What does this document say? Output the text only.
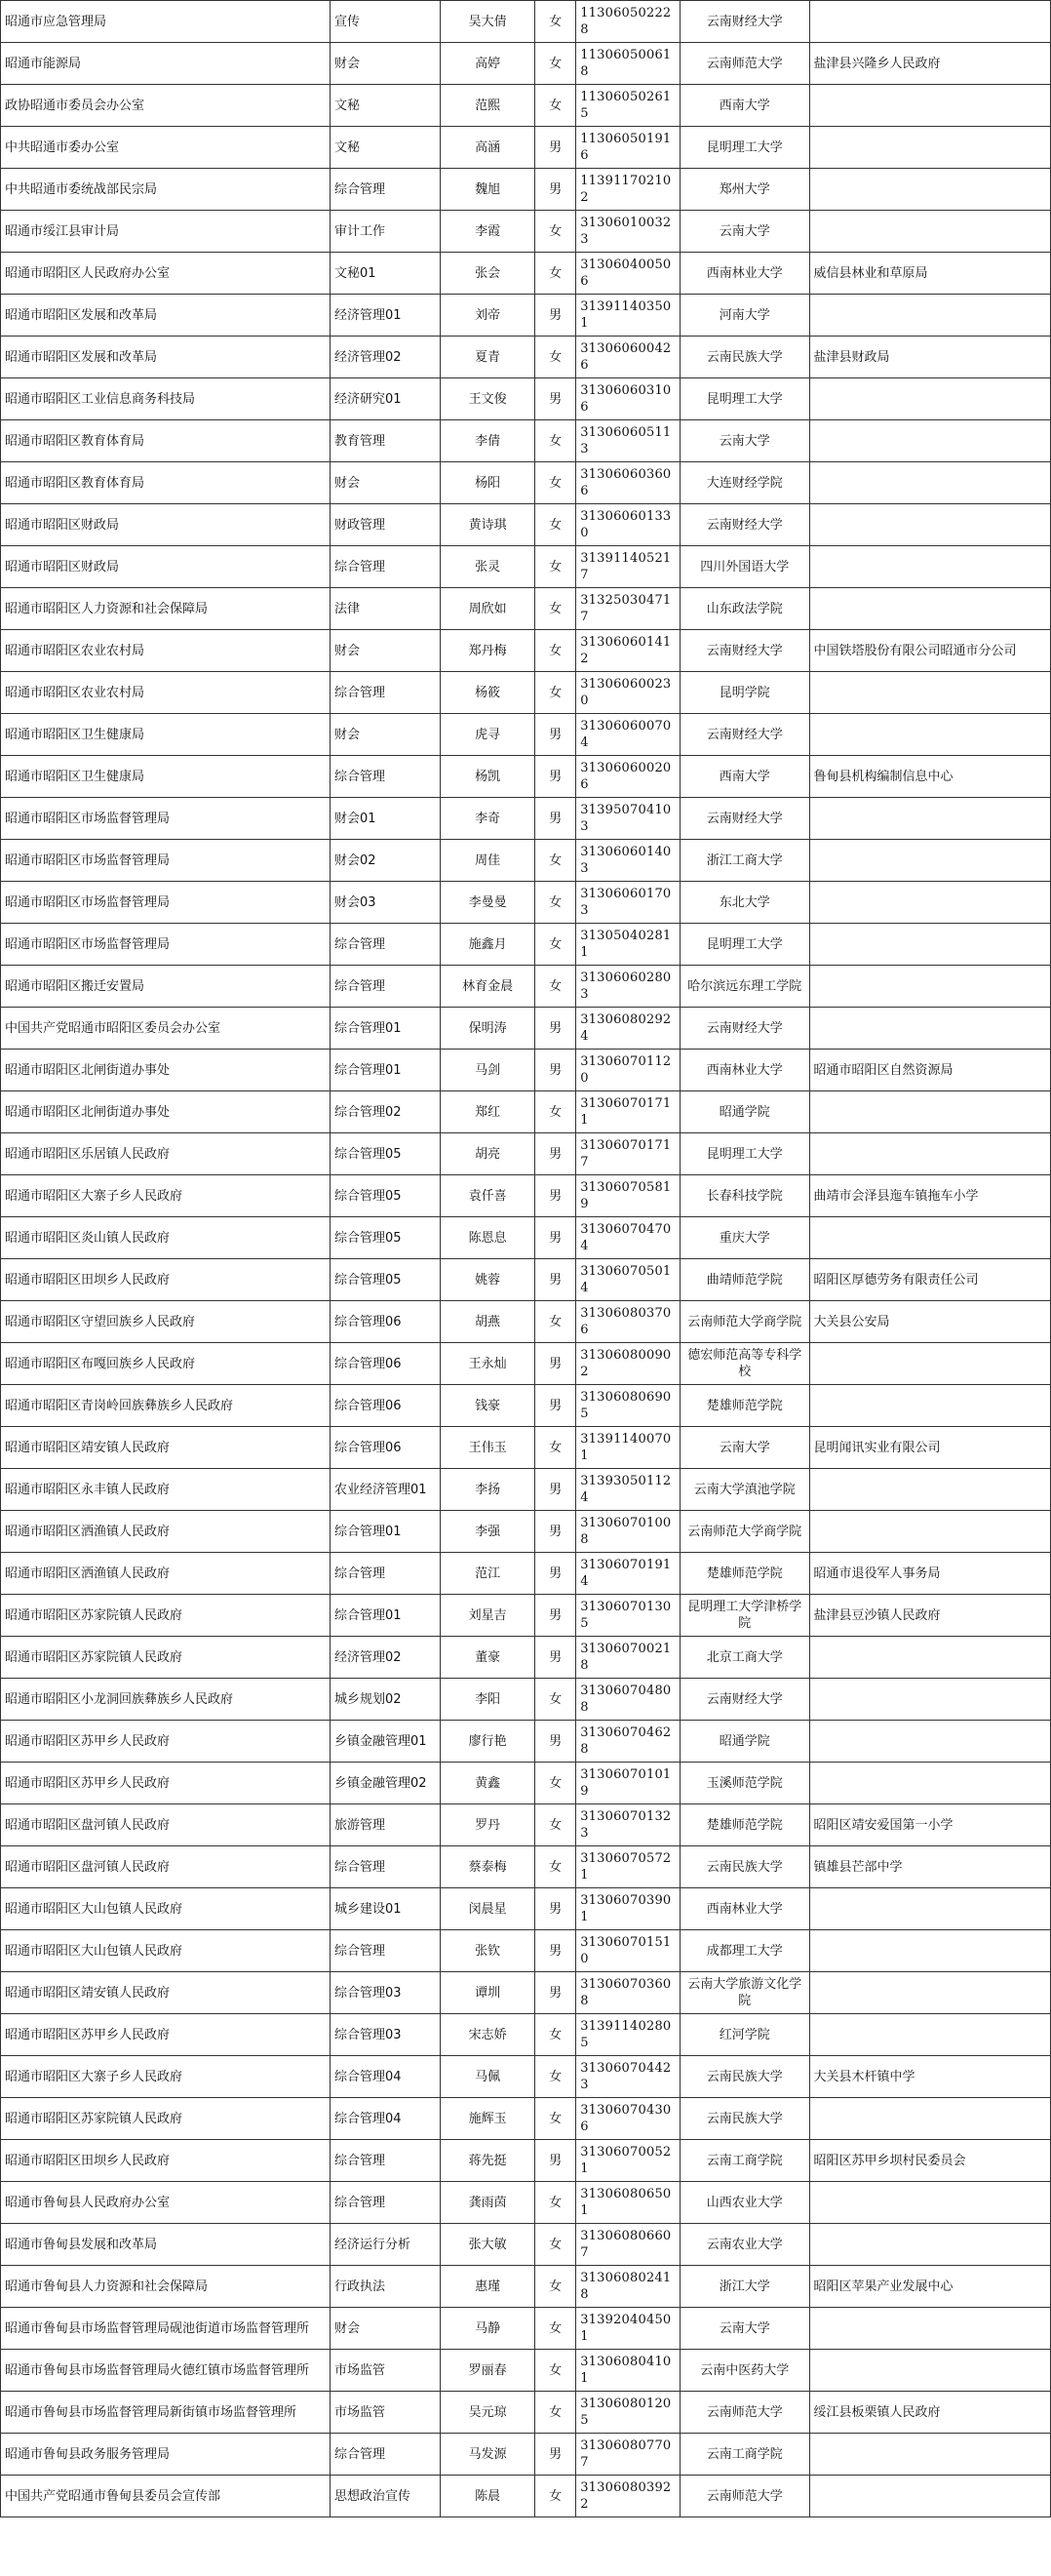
昭通市应急管理局	宣传	吴大倩	女	113060502228	云南财经大学	
昭通市能源局	财会	高婷	女	113060500618	云南师范大学	盐津县兴隆乡人民政府
政协昭通市委员会办公室	文秘	范熙	女	113060502615	西南大学	
中共昭通市委办公室	文秘	高涵	男	113060501916	昆明理工大学	
中共昭通市委统战部民宗局	综合管理	魏旭	男	113911702102	郑州大学	
昭通市绥江县审计局	审计工作	李霞	女	313060100323	云南大学	
昭通市昭阳区人民政府办公室	文秘01	张会	女	313060400506	西南林业大学	威信县林业和草原局
昭通市昭阳区发展和改革局	经济管理01	刘帝	男	313911403501	河南大学	
昭通市昭阳区发展和改革局	经济管理02	夏青	女	313060600426	云南民族大学	盐津县财政局
昭通市昭阳区工业信息商务科技局	经济研究01	王文俊	男	313060603106	昆明理工大学	
昭通市昭阳区教育体育局	教育管理	李倩	女	313060605113	云南大学	
昭通市昭阳区教育体育局	财会	杨阳	女	313060603606	大连财经学院	
昭通市昭阳区财政局	财政管理	黄诗琪	女	313060601330	云南财经大学	
昭通市昭阳区财政局	综合管理	张灵	女	313911405217	四川外国语大学	
昭通市昭阳区人力资源和社会保障局	法律	周欣如	女	313250304717	山东政法学院	
昭通市昭阳区农业农村局	财会	郑丹梅	女	313060601412	云南财经大学	中国铁塔股份有限公司昭通市分公司
昭通市昭阳区农业农村局	综合管理	杨筱	女	313060600230	昆明学院	
昭通市昭阳区卫生健康局	财会	虎寻	男	313060600704	云南财经大学	
昭通市昭阳区卫生健康局	综合管理	杨凯	男	313060600206	西南大学	鲁甸县机构编制信息中心
昭通市昭阳区市场监督管理局	财会01	李奇	男	313950704103	云南财经大学	
昭通市昭阳区市场监督管理局	财会02	周佳	女	313060601403	浙江工商大学	
昭通市昭阳区市场监督管理局	财会03	李曼曼	女	313060601703	东北大学	
昭通市昭阳区市场监督管理局	综合管理	施鑫月	女	313050402811	昆明理工大学	
昭通市昭阳区搬迁安置局	综合管理	林育金晨	女	313060602803	哈尔滨远东理工学院	
中国共产党昭通市昭阳区委员会办公室	综合管理01	保明涛	男	313060802924	云南财经大学	
昭通市昭阳区北闸街道办事处	综合管理01	马剑	男	313060701120	西南林业大学	昭通市昭阳区自然资源局
昭通市昭阳区北闸街道办事处	综合管理02	郑红	女	313060701711	昭通学院	
昭通市昭阳区乐居镇人民政府	综合管理05	胡亮	男	313060701717	昆明理工大学	
昭通市昭阳区大寨子乡人民政府	综合管理05	袁仟喜	男	313060705819	长春科技学院	曲靖市会泽县迤车镇拖车小学
昭通市昭阳区炎山镇人民政府	综合管理05	陈恩息	男	313060704704	重庆大学	
昭通市昭阳区田坝乡人民政府	综合管理05	姚蓉	男	313060705014	曲靖师范学院	昭阳区厚德劳务有限责任公司
昭通市昭阳区守望回族乡人民政府	综合管理06	胡燕	女	313060803706	云南师范大学商学院	大关县公安局
昭通市昭阳区布嘎回族乡人民政府	综合管理06	王永灿	男	313060800902	德宏师范高等专科学校	
昭通市昭阳区青岗岭回族彝族乡人民政府	综合管理06	钱豪	男	313060806905	楚雄师范学院	
昭通市昭阳区靖安镇人民政府	综合管理06	王伟玉	女	313911400701	云南大学	昆明闻讯实业有限公司
昭通市昭阳区永丰镇人民政府	农业经济管理01	李扬	男	313930501124	云南大学滇池学院	
昭通市昭阳区洒渔镇人民政府	综合管理01	李强	男	313060701008	云南师范大学商学院	
昭通市昭阳区洒渔镇人民政府	综合管理	范江	男	313060701914	楚雄师范学院	昭通市退役军人事务局
昭通市昭阳区苏家院镇人民政府	综合管理01	刘星吉	男	313060701305	昆明理工大学津桥学院	盐津县豆沙镇人民政府
昭通市昭阳区苏家院镇人民政府	经济管理02	董豪	男	313060700218	北京工商大学	
昭通市昭阳区小龙洞回族彝族乡人民政府	城乡规划02	李阳	女	313060704808	云南财经大学	
昭通市昭阳区苏甲乡人民政府	乡镇金融管理01	廖行艳	男	313060704628	昭通学院	
昭通市昭阳区苏甲乡人民政府	乡镇金融管理02	黄鑫	女	313060701019	玉溪师范学院	
昭通市昭阳区盘河镇人民政府	旅游管理	罗丹	女	313060701323	楚雄师范学院	昭阳区靖安爱国第一小学
昭通市昭阳区盘河镇人民政府	综合管理	蔡泰梅	女	313060705721	云南民族大学	镇雄县芒部中学
昭通市昭阳区大山包镇人民政府	城乡建设01	闵晨星	男	313060703901	西南林业大学	
昭通市昭阳区大山包镇人民政府	综合管理	张钦	男	313060701510	成都理工大学	
昭通市昭阳区靖安镇人民政府	综合管理03	谭圳	男	313060703608	云南大学旅游文化学院	
昭通市昭阳区苏甲乡人民政府	综合管理03	宋志娇	女	313911402805	红河学院	
昭通市昭阳区大寨子乡人民政府	综合管理04	马佩	女	313060704423	云南民族大学	大关县木杆镇中学
昭通市昭阳区苏家院镇人民政府	综合管理04	施辉玉	女	313060704306	云南民族大学	
昭通市昭阳区田坝乡人民政府	综合管理	蒋先挺	男	313060700521	云南工商学院	昭阳区苏甲乡坝村民委员会
昭通市鲁甸县人民政府办公室	综合管理	龚雨茵	女	313060806501	山西农业大学	
昭通市鲁甸县发展和改革局	经济运行分析	张大敏	女	313060806607	云南农业大学	
昭通市鲁甸县人力资源和社会保障局	行政执法	惠瑾	女	313060802418	浙江大学	昭阳区苹果产业发展中心
昭通市鲁甸县市场监督管理局砚池街道市场监督管理所	财会	马静	女	313920404501	云南大学	
昭通市鲁甸县市场监督管理局火德红镇市场监督管理所	市场监管	罗丽春	女	313060804101	云南中医药大学	
昭通市鲁甸县市场监督管理局新街镇市场监督管理所	市场监管	吴元琼	女	313060801205	云南师范大学	绥江县板栗镇人民政府
昭通市鲁甸县政务服务管理局	综合管理	马发源	男	313060807707	云南工商学院	
中国共产党昭通市鲁甸县委员会宣传部	思想政治宣传	陈晨	女	313060803922	云南师范大学	
